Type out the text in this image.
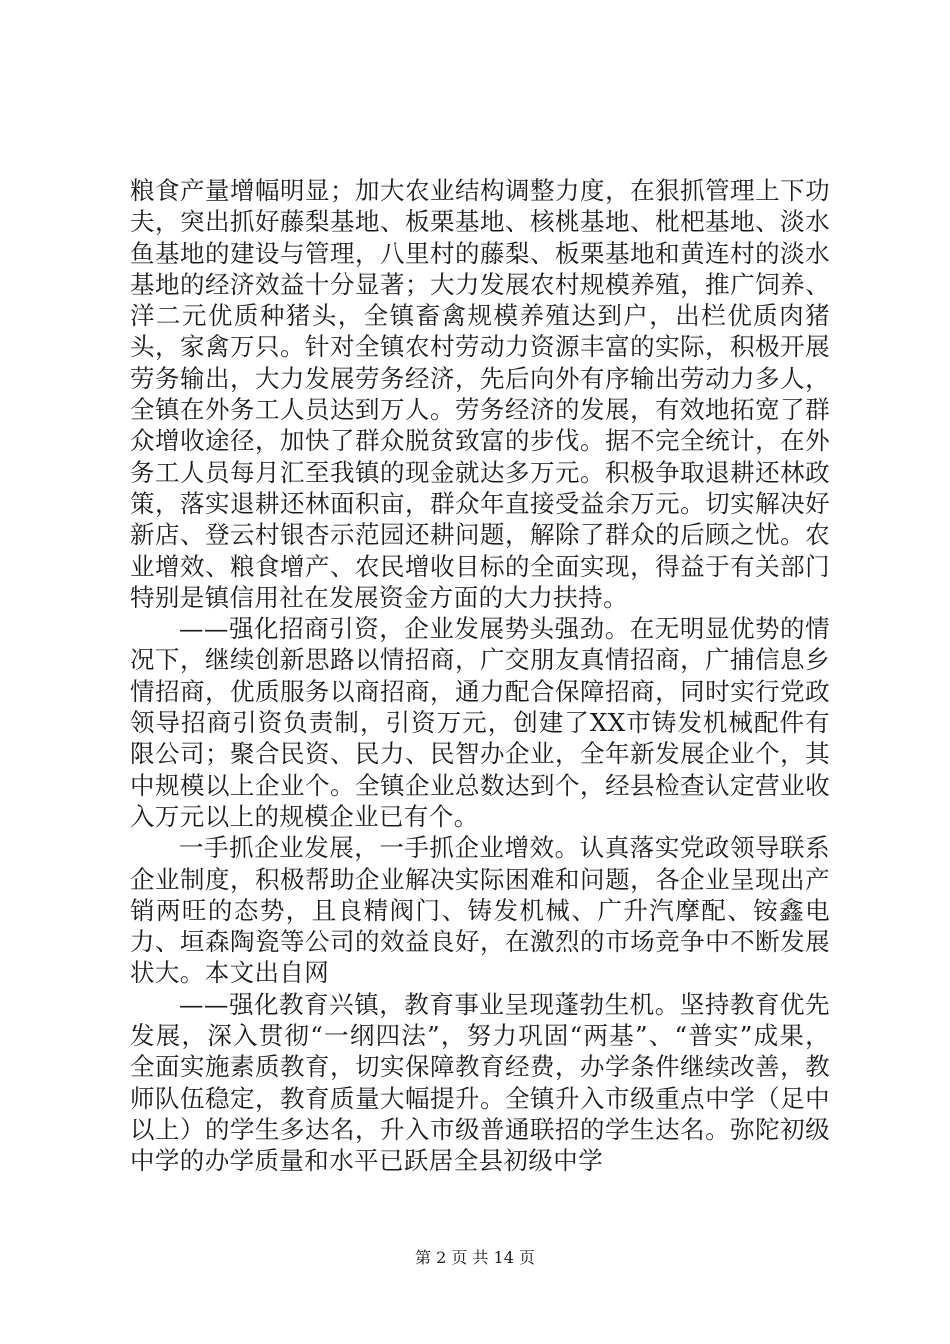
粮食产量增幅明显；加大农业结构调整力度，在狠抓管理上下功夫，突出抓好藤梨基地、板栗基地、核桃基地、枇杷基地、淡水鱼基地的建设与管理，八里村的藤梨、板栗基地和黄连村的淡水基地的经济效益十分显著；大力发展农村规模养殖，推广饲养、洋二元优质种猪头，全镇畜禽规模养殖达到户，出栏优质肉猪头，家禽万只。针对全镇农村劳动力资源丰富的实际，积极开展劳务输出，大力发展劳务经济，先后向外有序输出劳动力多人，全镇在外务工人员达到万人。劳务经济的发展，有效地拓宽了群众增收途径，加快了群众脱贫致富的步伐。据不完全统计，在外务工人员每月汇至我镇的现金就达多万元。积极争取退耕还林政策，落实退耕还林面积亩，群众年直接受益余万元。切实解决好新店、登云村银杏示范园还耕问题，解除了群众的后顾之忧。农业增效、粮食增产、农民增收目标的全面实现，得益于有关部门特别是镇信用社在发展资金方面的大力扶持。

——强化招商引资，企业发展势头强劲。在无明显优势的情况下，继续创新思路以情招商，广交朋友真情招商，广捕信息乡情招商，优质服务以商招商，通力配合保障招商，同时实行党政领导招商引资负责制，引资万元，创建了XX市铸发机械配件有限公司；聚合民资、民力、民智办企业，全年新发展企业个，其中规模以上企业个。全镇企业总数达到个，经县检查认定营业收入万元以上的规模企业已有个。

一手抓企业发展，一手抓企业增效。认真落实党政领导联系企业制度，积极帮助企业解决实际困难和问题，各企业呈现出产销两旺的态势，且良精阀门、铸发机械、广升汽摩配、铵鑫电力、垣森陶瓷等公司的效益良好，在激烈的市场竞争中不断发展状大。本文出自网

——强化教育兴镇，教育事业呈现蓬勃生机。坚持教育优先发展，深入贯彻“一纲四法”，努力巩固“两基”、“普实”成果，全面实施素质教育，切实保障教育经费，办学条件继续改善，教师队伍稳定，教育质量大幅提升。全镇升入市级重点中学（足中以上）的学生多达名，升入市级普通联招的学生达名。弥陀初级中学的办学质量和水平已跃居全县初级中学

第 2 页 共 14 页
